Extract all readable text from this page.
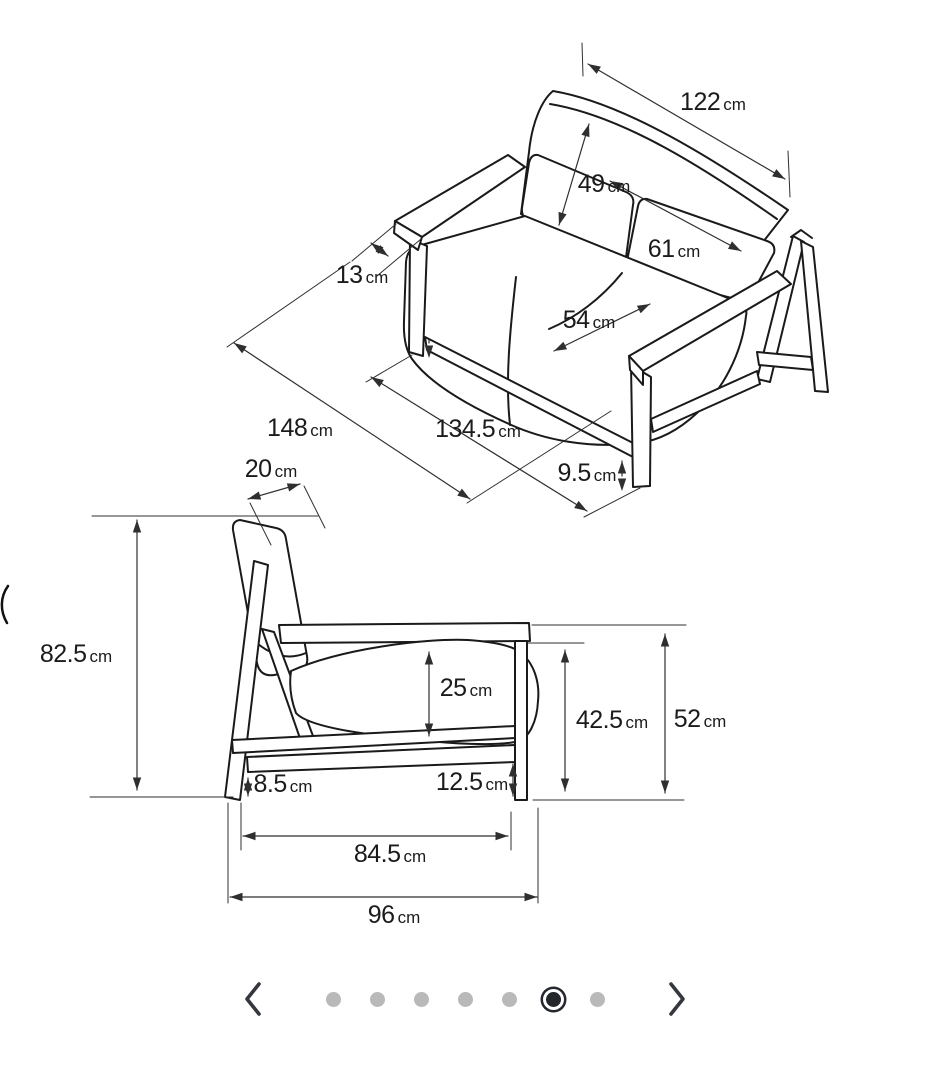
122 cm
49 cm
61 cm
13 cm
54 cm
148 cm	134.5 cm
9.5 cm
20 cm
82.5 cm
25 cm
42.5 cm 52 cm
8.5 cm	12.5 cm
84.5 cm
96 cm
